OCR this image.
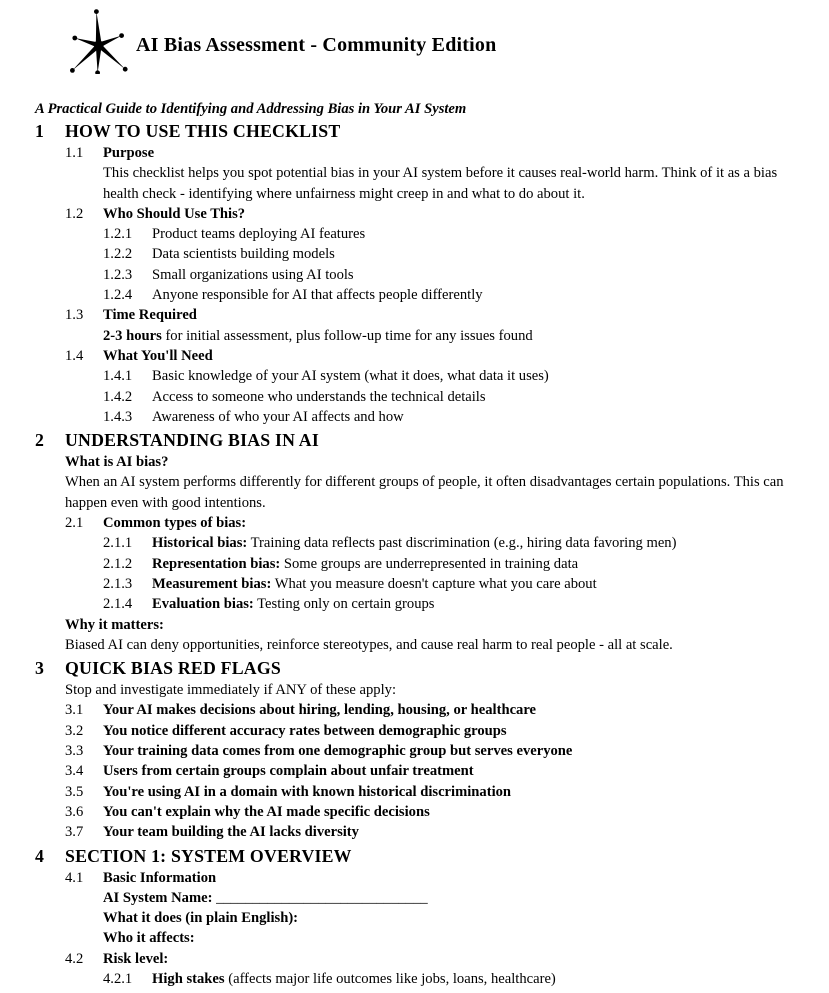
AI Bias Assessment - Community Edition

A Practical Guide to Identifying and Addressing Bias in Your AI System

1	HOW TO USE THIS CHECKLIST
1.1	Purpose

This checklist helps you spot potential bias in your AI system before it causes real-world harm. Think of it as a bias health check - identifying where unfairness might creep in and what to do about it.

1.2	Who Should Use This?
1.2.1	Product teams deploying AI features
1.2.2	Data scientists building models
1.2.3	Small organizations using AI tools
1.2.4	Anyone responsible for AI that affects people differently
1.3	Time Required

2-3 hours for initial assessment, plus follow-up time for any issues found

1.4	What You'll Need
1.4.1	Basic knowledge of your AI system (what it does, what data it uses)
1.4.2	Access to someone who understands the technical details
1.4.3	Awareness of who your AI affects and how
2	UNDERSTANDING BIAS IN AI

What is AI bias?

When an AI system performs differently for different groups of people, it often disadvantages certain populations. This can happen even with good intentions.

2.1	Common types of bias:
2.1.1	Historical bias: Training data reflects past discrimination (e.g., hiring data favoring men)
2.1.2	Representation bias: Some groups are underrepresented in training data
2.1.3	Measurement bias: What you measure doesn't capture what you care about
2.1.4	Evaluation bias: Testing only on certain groups

Why it matters:

Biased AI can deny opportunities, reinforce stereotypes, and cause real harm to real people - all at scale.

3	QUICK BIAS RED FLAGS

Stop and investigate immediately if ANY of these apply:

3.1	Your AI makes decisions about hiring, lending, housing, or healthcare
3.2	You notice different accuracy rates between demographic groups
3.3	Your training data comes from one demographic group but serves everyone
3.4	Users from certain groups complain about unfair treatment
3.5	You're using AI in a domain with known historical discrimination
3.6	You can't explain why the AI made specific decisions
3.7	Your team building the AI lacks diversity
4	SECTION 1: SYSTEM OVERVIEW
4.1	Basic Information

AI System Name: _____________________________

What it does (in plain English):

Who it affects:

4.2	Risk level:
4.2.1	High stakes (affects major life outcomes like jobs, loans, healthcare)
